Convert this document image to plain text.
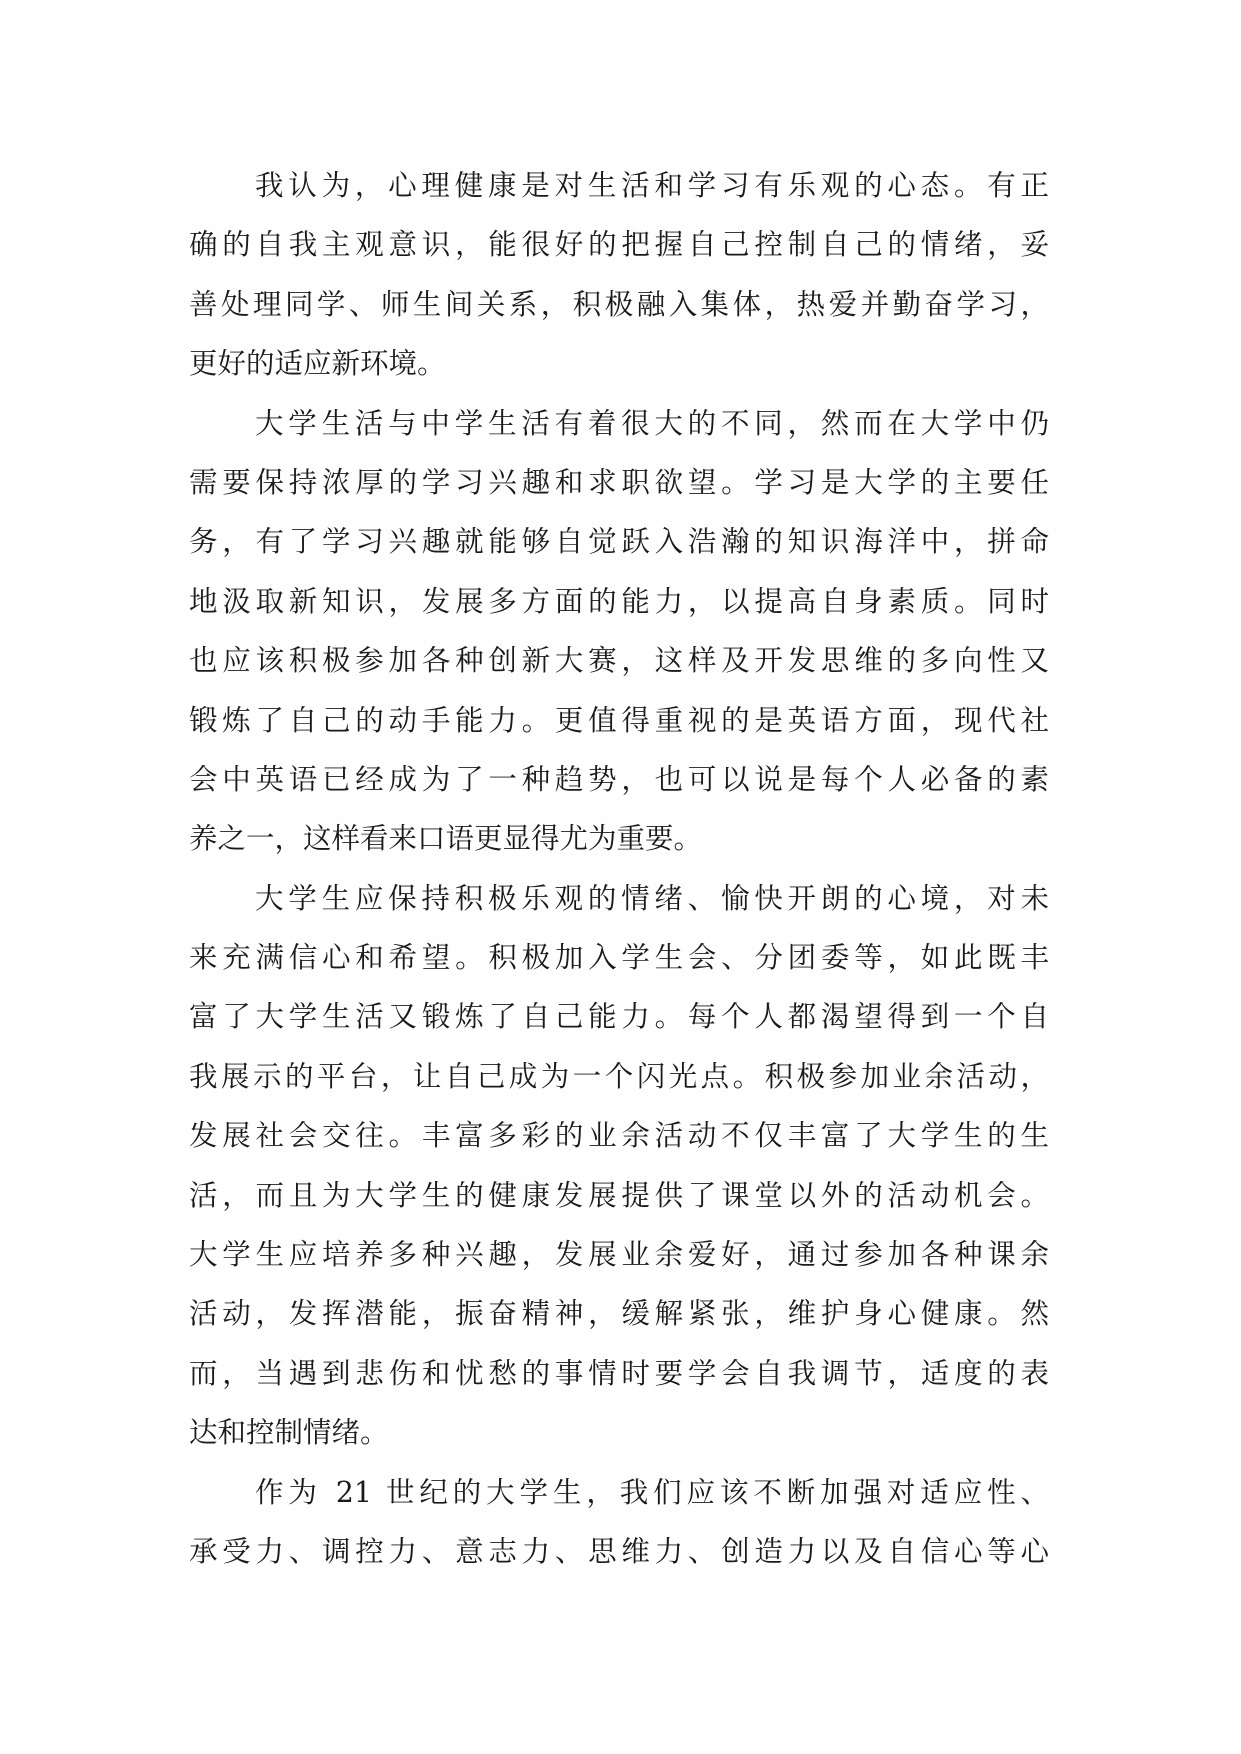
我认为，心理健康是对生活和学习有乐观的心态。有正
确的自我主观意识，能很好的把握自己控制自己的情绪，妥
善处理同学、师生间关系，积极融入集体，热爱并勤奋学习，
更好的适应新环境。
大学生活与中学生活有着很大的不同，然而在大学中仍
需要保持浓厚的学习兴趣和求职欲望。学习是大学的主要任
务，有了学习兴趣就能够自觉跃入浩瀚的知识海洋中，拼命
地汲取新知识，发展多方面的能力，以提高自身素质。同时
也应该积极参加各种创新大赛，这样及开发思维的多向性又
锻炼了自己的动手能力。更值得重视的是英语方面，现代社
会中英语已经成为了一种趋势，也可以说是每个人必备的素
养之一，这样看来口语更显得尤为重要。
大学生应保持积极乐观的情绪、愉快开朗的心境，对未
来充满信心和希望。积极加入学生会、分团委等，如此既丰
富了大学生活又锻炼了自己能力。每个人都渴望得到一个自
我展示的平台，让自己成为一个闪光点。积极参加业余活动，
发展社会交往。丰富多彩的业余活动不仅丰富了大学生的生
活，而且为大学生的健康发展提供了课堂以外的活动机会。
大学生应培养多种兴趣，发展业余爱好，通过参加各种课余
活动，发挥潜能，振奋精神，缓解紧张，维护身心健康。然
而，当遇到悲伤和忧愁的事情时要学会自我调节，适度的表
达和控制情绪。
作为 21 世纪的大学生，我们应该不断加强对适应性、
承受力、调控力、意志力、思维力、创造力以及自信心等心
